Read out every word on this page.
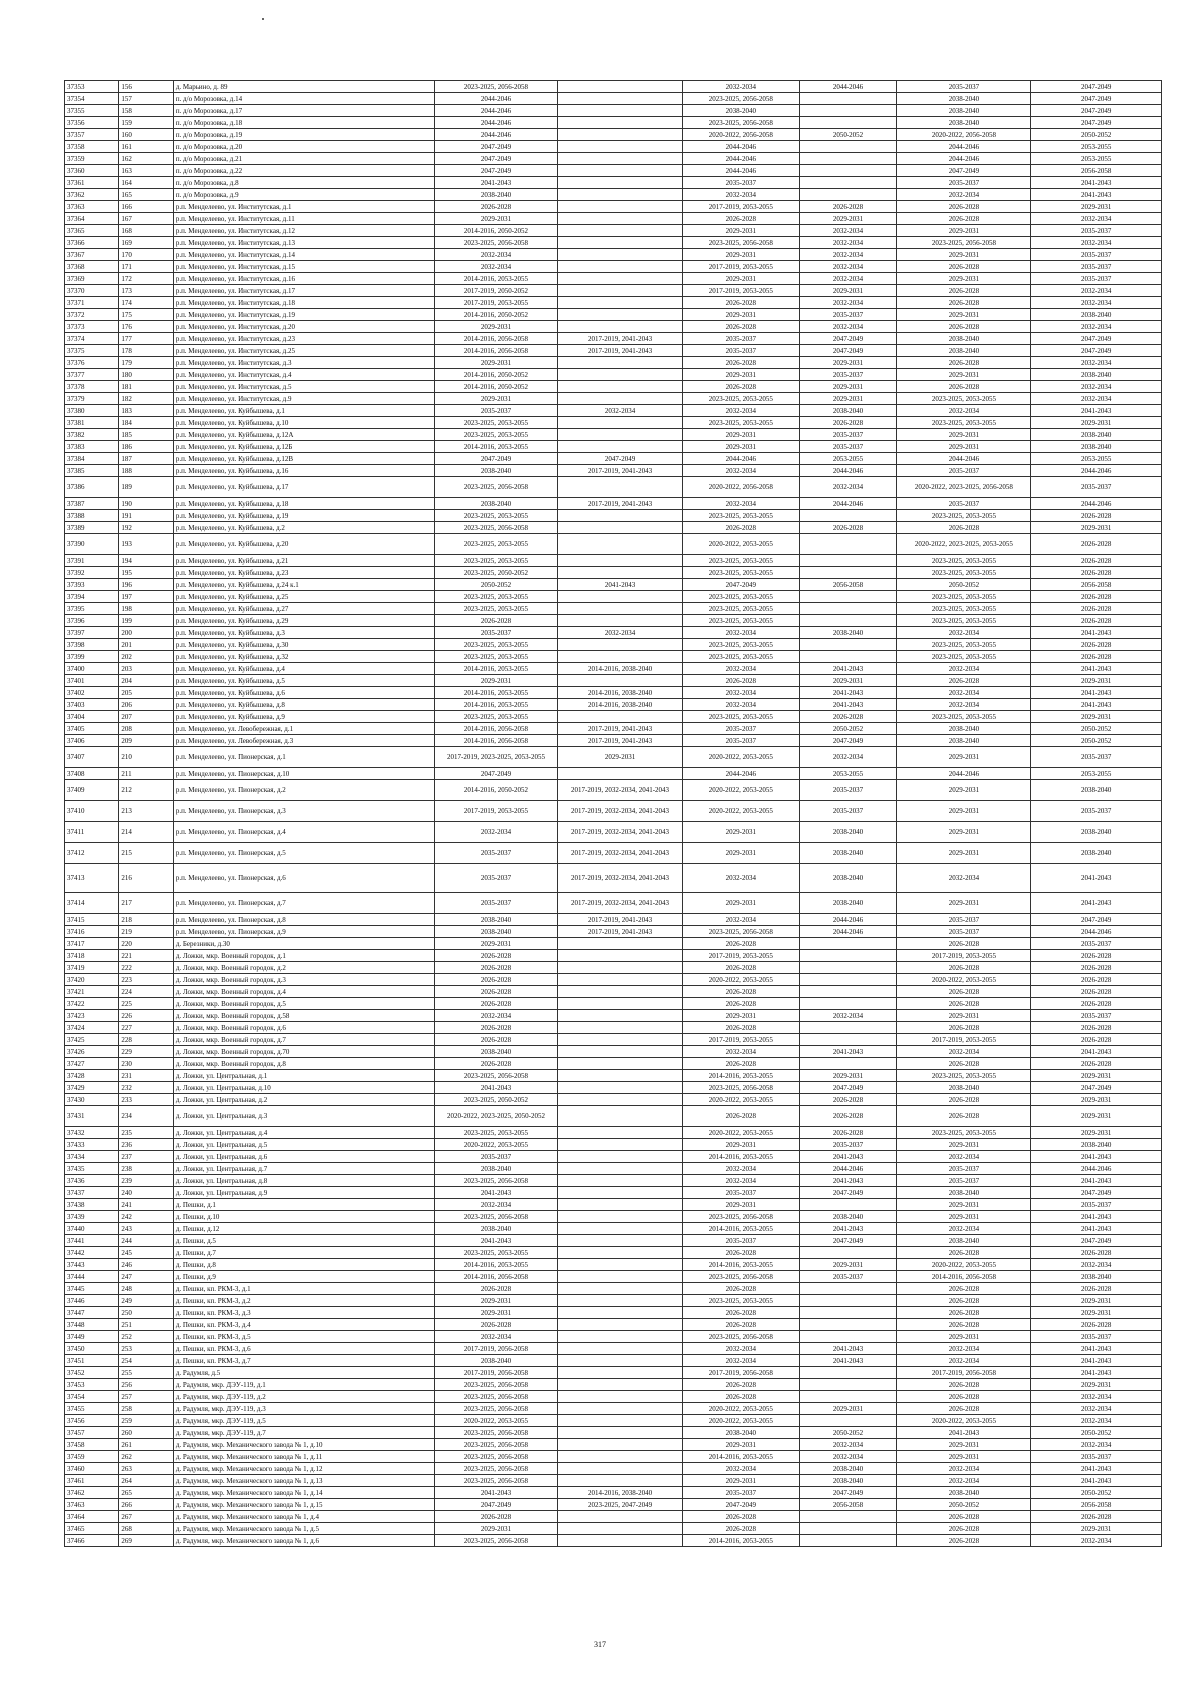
37353	156	д. Марьино, д. 89	2023-2025, 2056-2058		2032-2034	2044-2046	2035-2037	2047-2049
37354	157	п. д/о Морозовка, д.14	2044-2046		2023-2025, 2056-2058		2038-2040	2047-2049
37355	158	п. д/о Морозовка, д.17	2044-2046		2038-2040		2038-2040	2047-2049
37356	159	п. д/о Морозовка, д.18	2044-2046		2023-2025, 2056-2058		2038-2040	2047-2049
37357	160	п. д/о Морозовка, д.19	2044-2046		2020-2022, 2056-2058	2050-2052	2020-2022, 2056-2058	2050-2052
37358	161	п. д/о Морозовка, д.20	2047-2049		2044-2046		2044-2046	2053-2055
37359	162	п. д/о Морозовка, д.21	2047-2049		2044-2046		2044-2046	2053-2055
37360	163	п. д/о Морозовка, д.22	2047-2049		2044-2046		2047-2049	2056-2058
37361	164	п. д/о Морозовка, д.8	2041-2043		2035-2037		2035-2037	2041-2043
37362	165	п. д/о Морозовка, д.9	2038-2040		2032-2034		2032-2034	2041-2043
37363	166	р.п. Менделеево, ул. Институтская, д.1	2026-2028		2017-2019, 2053-2055	2026-2028	2026-2028	2029-2031
37364	167	р.п. Менделеево, ул. Институтская, д.11	2029-2031		2026-2028	2029-2031	2026-2028	2032-2034
37365	168	р.п. Менделеево, ул. Институтская, д.12	2014-2016, 2050-2052		2029-2031	2032-2034	2029-2031	2035-2037
37366	169	р.п. Менделеево, ул. Институтская, д.13	2023-2025, 2056-2058		2023-2025, 2056-2058	2032-2034	2023-2025, 2056-2058	2032-2034
37367	170	р.п. Менделеево, ул. Институтская, д.14	2032-2034		2029-2031	2032-2034	2029-2031	2035-2037
37368	171	р.п. Менделеево, ул. Институтская, д.15	2032-2034		2017-2019, 2053-2055	2032-2034	2026-2028	2035-2037
37369	172	р.п. Менделеево, ул. Институтская, д.16	2014-2016, 2053-2055		2029-2031	2032-2034	2029-2031	2035-2037
37370	173	р.п. Менделеево, ул. Институтская, д.17	2017-2019, 2050-2052		2017-2019, 2053-2055	2029-2031	2026-2028	2032-2034
37371	174	р.п. Менделеево, ул. Институтская, д.18	2017-2019, 2053-2055		2026-2028	2032-2034	2026-2028	2032-2034
37372	175	р.п. Менделеево, ул. Институтская, д.19	2014-2016, 2050-2052		2029-2031	2035-2037	2029-2031	2038-2040
37373	176	р.п. Менделеево, ул. Институтская, д.20	2029-2031		2026-2028	2032-2034	2026-2028	2032-2034
37374	177	р.п. Менделеево, ул. Институтская, д.23	2014-2016, 2056-2058	2017-2019, 2041-2043	2035-2037	2047-2049	2038-2040	2047-2049
37375	178	р.п. Менделеево, ул. Институтская, д.25	2014-2016, 2056-2058	2017-2019, 2041-2043	2035-2037	2047-2049	2038-2040	2047-2049
37376	179	р.п. Менделеево, ул. Институтская, д.3	2029-2031		2026-2028	2029-2031	2026-2028	2032-2034
37377	180	р.п. Менделеево, ул. Институтская, д.4	2014-2016, 2050-2052		2029-2031	2035-2037	2029-2031	2038-2040
37378	181	р.п. Менделеево, ул. Институтская, д.5	2014-2016, 2050-2052		2026-2028	2029-2031	2026-2028	2032-2034
37379	182	р.п. Менделеево, ул. Институтская, д.9	2029-2031		2023-2025, 2053-2055	2029-2031	2023-2025, 2053-2055	2032-2034
37380	183	р.п. Менделеево, ул. Куйбышева, д.1	2035-2037	2032-2034	2032-2034	2038-2040	2032-2034	2041-2043
37381	184	р.п. Менделеево, ул. Куйбышева, д.10	2023-2025, 2053-2055		2023-2025, 2053-2055	2026-2028	2023-2025, 2053-2055	2029-2031
37382	185	р.п. Менделеево, ул. Куйбышева, д.12А	2023-2025, 2053-2055		2029-2031	2035-2037	2029-2031	2038-2040
37383	186	р.п. Менделеево, ул. Куйбышева, д.12Б	2014-2016, 2053-2055		2029-2031	2035-2037	2029-2031	2038-2040
37384	187	р.п. Менделеево, ул. Куйбышева, д.12В	2047-2049	2047-2049	2044-2046	2053-2055	2044-2046	2053-2055
37385	188	р.п. Менделеево, ул. Куйбышева, д.16	2038-2040	2017-2019, 2041-2043	2032-2034	2044-2046	2035-2037	2044-2046
37386	189	р.п. Менделеево, ул. Куйбышева, д.17	2023-2025, 2056-2058		2020-2022, 2056-2058	2032-2034	2020-2022, 2023-2025, 2056-2058	2035-2037
37387	190	р.п. Менделеево, ул. Куйбышева, д.18	2038-2040	2017-2019, 2041-2043	2032-2034	2044-2046	2035-2037	2044-2046
37388	191	р.п. Менделеево, ул. Куйбышева, д.19	2023-2025, 2053-2055		2023-2025, 2053-2055		2023-2025, 2053-2055	2026-2028
37389	192	р.п. Менделеево, ул. Куйбышева, д.2	2023-2025, 2056-2058		2026-2028	2026-2028	2026-2028	2029-2031
37390	193	р.п. Менделеево, ул. Куйбышева, д.20	2023-2025, 2053-2055		2020-2022, 2053-2055		2020-2022, 2023-2025, 2053-2055	2026-2028
37391	194	р.п. Менделеево, ул. Куйбышева, д.21	2023-2025, 2053-2055		2023-2025, 2053-2055		2023-2025, 2053-2055	2026-2028
37392	195	р.п. Менделеево, ул. Куйбышева, д.23	2023-2025, 2050-2052		2023-2025, 2053-2055		2023-2025, 2053-2055	2026-2028
37393	196	р.п. Менделеево, ул. Куйбышева, д.24 к.1	2050-2052	2041-2043	2047-2049	2056-2058	2050-2052	2056-2058
37394	197	р.п. Менделеево, ул. Куйбышева, д.25	2023-2025, 2053-2055		2023-2025, 2053-2055		2023-2025, 2053-2055	2026-2028
37395	198	р.п. Менделеево, ул. Куйбышева, д.27	2023-2025, 2053-2055		2023-2025, 2053-2055		2023-2025, 2053-2055	2026-2028
37396	199	р.п. Менделеево, ул. Куйбышева, д.29	2026-2028		2023-2025, 2053-2055		2023-2025, 2053-2055	2026-2028
37397	200	р.п. Менделеево, ул. Куйбышева, д.3	2035-2037	2032-2034	2032-2034	2038-2040	2032-2034	2041-2043
37398	201	р.п. Менделеево, ул. Куйбышева, д.30	2023-2025, 2053-2055		2023-2025, 2053-2055		2023-2025, 2053-2055	2026-2028
37399	202	р.п. Менделеево, ул. Куйбышева, д.32	2023-2025, 2053-2055		2023-2025, 2053-2055		2023-2025, 2053-2055	2026-2028
37400	203	р.п. Менделеево, ул. Куйбышева, д.4	2014-2016, 2053-2055	2014-2016, 2038-2040	2032-2034	2041-2043	2032-2034	2041-2043
37401	204	р.п. Менделеево, ул. Куйбышева, д.5	2029-2031		2026-2028	2029-2031	2026-2028	2029-2031
37402	205	р.п. Менделеево, ул. Куйбышева, д.6	2014-2016, 2053-2055	2014-2016, 2038-2040	2032-2034	2041-2043	2032-2034	2041-2043
37403	206	р.п. Менделеево, ул. Куйбышева, д.8	2014-2016, 2053-2055	2014-2016, 2038-2040	2032-2034	2041-2043	2032-2034	2041-2043
37404	207	р.п. Менделеево, ул. Куйбышева, д.9	2023-2025, 2053-2055		2023-2025, 2053-2055	2026-2028	2023-2025, 2053-2055	2029-2031
37405	208	р.п. Менделеево, ул. Левобережная, д.1	2014-2016, 2056-2058	2017-2019, 2041-2043	2035-2037	2050-2052	2038-2040	2050-2052
37406	209	р.п. Менделеево, ул. Левобережная, д.3	2014-2016, 2056-2058	2017-2019, 2041-2043	2035-2037	2047-2049	2038-2040	2050-2052
37407	210	р.п. Менделеево, ул. Пионерская, д.1	2017-2019, 2023-2025, 2053-2055	2029-2031	2020-2022, 2053-2055	2032-2034	2029-2031	2035-2037
37408	211	р.п. Менделеево, ул. Пионерская, д.10	2047-2049		2044-2046	2053-2055	2044-2046	2053-2055
37409	212	р.п. Менделеево, ул. Пионерская, д.2	2014-2016, 2050-2052	2017-2019, 2032-2034, 2041-2043	2020-2022, 2053-2055	2035-2037	2029-2031	2038-2040
37410	213	р.п. Менделеево, ул. Пионерская, д.3	2017-2019, 2053-2055	2017-2019, 2032-2034, 2041-2043	2020-2022, 2053-2055	2035-2037	2029-2031	2035-2037
37411	214	р.п. Менделеево, ул. Пионерская, д.4	2032-2034	2017-2019, 2032-2034, 2041-2043	2029-2031	2038-2040	2029-2031	2038-2040
37412	215	р.п. Менделеево, ул. Пионерская, д.5	2035-2037	2017-2019, 2032-2034, 2041-2043	2029-2031	2038-2040	2029-2031	2038-2040
37413	216	р.п. Менделеево, ул. Пионерская, д.6	2035-2037	2017-2019, 2032-2034, 2041-2043	2032-2034	2038-2040	2032-2034	2041-2043
37414	217	р.п. Менделеево, ул. Пионерская, д.7	2035-2037	2017-2019, 2032-2034, 2041-2043	2029-2031	2038-2040	2029-2031	2041-2043
37415	218	р.п. Менделеево, ул. Пионерская, д.8	2038-2040	2017-2019, 2041-2043	2032-2034	2044-2046	2035-2037	2047-2049
37416	219	р.п. Менделеево, ул. Пионерская, д.9	2038-2040	2017-2019, 2041-2043	2023-2025, 2056-2058	2044-2046	2035-2037	2044-2046
37417	220	д. Березники, д.30	2029-2031		2026-2028		2026-2028	2035-2037
37418	221	д. Ложки, мкр. Военный городок, д.1	2026-2028		2017-2019, 2053-2055		2017-2019, 2053-2055	2026-2028
37419	222	д. Ложки, мкр. Военный городок, д.2	2026-2028		2026-2028		2026-2028	2026-2028
37420	223	д. Ложки, мкр. Военный городок, д.3	2026-2028		2020-2022, 2053-2055		2020-2022, 2053-2055	2026-2028
37421	224	д. Ложки, мкр. Военный городок, д.4	2026-2028		2026-2028		2026-2028	2026-2028
37422	225	д. Ложки, мкр. Военный городок, д.5	2026-2028		2026-2028		2026-2028	2026-2028
37423	226	д. Ложки, мкр. Военный городок, д.58	2032-2034		2029-2031	2032-2034	2029-2031	2035-2037
37424	227	д. Ложки, мкр. Военный городок, д.6	2026-2028		2026-2028		2026-2028	2026-2028
37425	228	д. Ложки, мкр. Военный городок, д.7	2026-2028		2017-2019, 2053-2055		2017-2019, 2053-2055	2026-2028
37426	229	д. Ложки, мкр. Военный городок, д.70	2038-2040		2032-2034	2041-2043	2032-2034	2041-2043
37427	230	д. Ложки, мкр. Военный городок, д.8	2026-2028		2026-2028		2026-2028	2026-2028
37428	231	д. Ложки, ул. Центральная, д.1	2023-2025, 2056-2058		2014-2016, 2053-2055	2029-2031	2023-2025, 2053-2055	2029-2031
37429	232	д. Ложки, ул. Центральная, д.10	2041-2043		2023-2025, 2056-2058	2047-2049	2038-2040	2047-2049
37430	233	д. Ложки, ул. Центральная, д.2	2023-2025, 2050-2052		2020-2022, 2053-2055	2026-2028	2026-2028	2029-2031
37431	234	д. Ложки, ул. Центральная, д.3	2020-2022, 2023-2025, 2050-2052		2026-2028	2026-2028	2026-2028	2029-2031
37432	235	д. Ложки, ул. Центральная, д.4	2023-2025, 2053-2055		2020-2022, 2053-2055	2026-2028	2023-2025, 2053-2055	2029-2031
37433	236	д. Ложки, ул. Центральная, д.5	2020-2022, 2053-2055		2029-2031	2035-2037	2029-2031	2038-2040
37434	237	д. Ложки, ул. Центральная, д.6	2035-2037		2014-2016, 2053-2055	2041-2043	2032-2034	2041-2043
37435	238	д. Ложки, ул. Центральная, д.7	2038-2040		2032-2034	2044-2046	2035-2037	2044-2046
37436	239	д. Ложки, ул. Центральная, д.8	2023-2025, 2056-2058		2032-2034	2041-2043	2035-2037	2041-2043
37437	240	д. Ложки, ул. Центральная, д.9	2041-2043		2035-2037	2047-2049	2038-2040	2047-2049
37438	241	д. Пешки, д.1	2032-2034		2029-2031		2029-2031	2035-2037
37439	242	д. Пешки, д.10	2023-2025, 2056-2058		2023-2025, 2056-2058	2038-2040	2029-2031	2041-2043
37440	243	д. Пешки, д.12	2038-2040		2014-2016, 2053-2055	2041-2043	2032-2034	2041-2043
37441	244	д. Пешки, д.5	2041-2043		2035-2037	2047-2049	2038-2040	2047-2049
37442	245	д. Пешки, д.7	2023-2025, 2053-2055		2026-2028		2026-2028	2026-2028
37443	246	д. Пешки, д.8	2014-2016, 2053-2055		2014-2016, 2053-2055	2029-2031	2020-2022, 2053-2055	2032-2034
37444	247	д. Пешки, д.9	2014-2016, 2056-2058		2023-2025, 2056-2058	2035-2037	2014-2016, 2056-2058	2038-2040
37445	248	д. Пешки, кп. РКМ-3, д.1	2026-2028		2026-2028		2026-2028	2026-2028
37446	249	д. Пешки, кп. РКМ-3, д.2	2029-2031		2023-2025, 2053-2055		2026-2028	2029-2031
37447	250	д. Пешки, кп. РКМ-3, д.3	2029-2031		2026-2028		2026-2028	2029-2031
37448	251	д. Пешки, кп. РКМ-3, д.4	2026-2028		2026-2028		2026-2028	2026-2028
37449	252	д. Пешки, кп. РКМ-3, д.5	2032-2034		2023-2025, 2056-2058		2029-2031	2035-2037
37450	253	д. Пешки, кп. РКМ-3, д.6	2017-2019, 2056-2058		2032-2034	2041-2043	2032-2034	2041-2043
37451	254	д. Пешки, кп. РКМ-3, д.7	2038-2040		2032-2034	2041-2043	2032-2034	2041-2043
37452	255	д. Радумля, д.5	2017-2019, 2056-2058		2017-2019, 2056-2058		2017-2019, 2056-2058	2041-2043
37453	256	д. Радумля, мкр. ДЭУ-119, д.1	2023-2025, 2056-2058		2026-2028		2026-2028	2029-2031
37454	257	д. Радумля, мкр. ДЭУ-119, д.2	2023-2025, 2056-2058		2026-2028		2026-2028	2032-2034
37455	258	д. Радумля, мкр. ДЭУ-119, д.3	2023-2025, 2056-2058		2020-2022, 2053-2055	2029-2031	2026-2028	2032-2034
37456	259	д. Радумля, мкр. ДЭУ-119, д.5	2020-2022, 2053-2055		2020-2022, 2053-2055		2020-2022, 2053-2055	2032-2034
37457	260	д. Радумля, мкр. ДЭУ-119, д.7	2023-2025, 2056-2058		2038-2040	2050-2052	2041-2043	2050-2052
37458	261	д. Радумля, мкр. Механического завода № 1, д.10	2023-2025, 2056-2058		2029-2031	2032-2034	2029-2031	2032-2034
37459	262	д. Радумля, мкр. Механического завода № 1, д.11	2023-2025, 2056-2058		2014-2016, 2053-2055	2032-2034	2029-2031	2035-2037
37460	263	д. Радумля, мкр. Механического завода № 1, д.12	2023-2025, 2056-2058		2032-2034	2038-2040	2032-2034	2041-2043
37461	264	д. Радумля, мкр. Механического завода № 1, д.13	2023-2025, 2056-2058		2029-2031	2038-2040	2032-2034	2041-2043
37462	265	д. Радумля, мкр. Механического завода № 1, д.14	2041-2043	2014-2016, 2038-2040	2035-2037	2047-2049	2038-2040	2050-2052
37463	266	д. Радумля, мкр. Механического завода № 1, д.15	2047-2049	2023-2025, 2047-2049	2047-2049	2056-2058	2050-2052	2056-2058
37464	267	д. Радумля, мкр. Механического завода № 1, д.4	2026-2028		2026-2028		2026-2028	2026-2028
37465	268	д. Радумля, мкр. Механического завода № 1, д.5	2029-2031		2026-2028		2026-2028	2029-2031
37466	269	д. Радумля, мкр. Механического завода № 1, д.6	2023-2025, 2056-2058		2014-2016, 2053-2055		2026-2028	2032-2034
317
